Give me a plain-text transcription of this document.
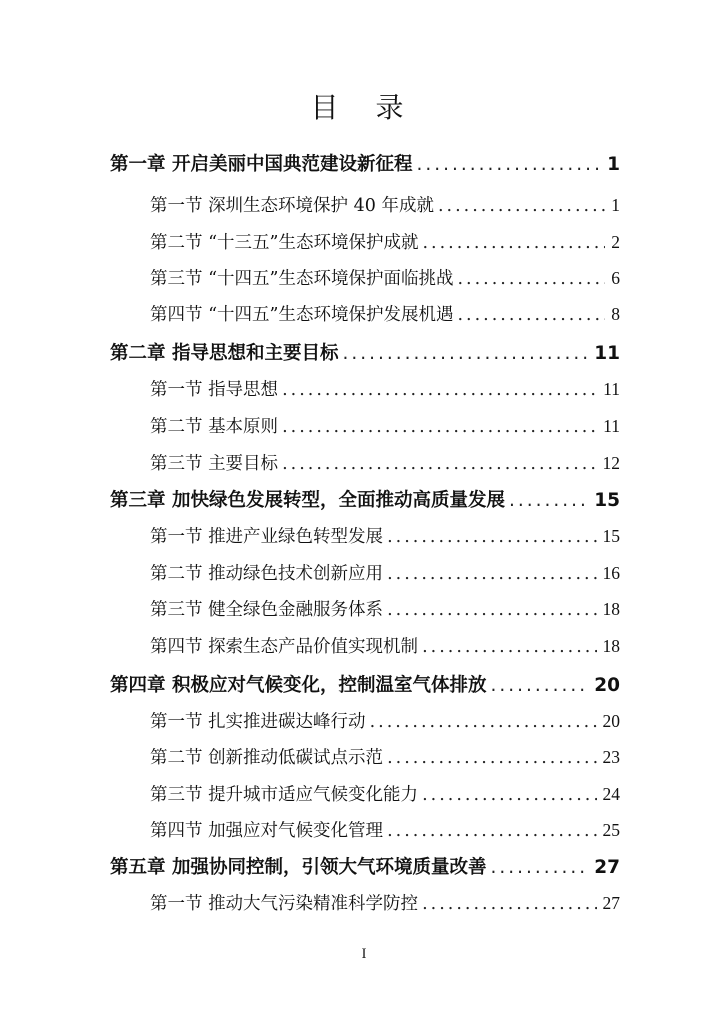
目 录
第一章 开启美丽中国典范建设新征程 .....	1
第一节 深圳生态环境保护 40 年成就 .....	1
第二节 “十三五”生态环境保护成就 .....	2
第三节 “十四五”生态环境保护面临挑战 .....	6
第四节 “十四五”生态环境保护发展机遇 .....	8
第二章 指导思想和主要目标 .....	11
第一节 指导思想 .....	11
第二节 基本原则 .....	11
第三节 主要目标 .....	12
第三章 加快绿色发展转型，全面推动高质量发展 .....	15
第一节 推进产业绿色转型发展 .....	15
第二节 推动绿色技术创新应用 .....	16
第三节 健全绿色金融服务体系 .....	18
第四节 探索生态产品价值实现机制 .....	18
第四章 积极应对气候变化，控制温室气体排放 .....	20
第一节 扎实推进碳达峰行动 .....	20
第二节 创新推动低碳试点示范 .....	23
第三节 提升城市适应气候变化能力 .....	24
第四节 加强应对气候变化管理 .....	25
第五章 加强协同控制，引领大气环境质量改善 .....	27
第一节 推动大气污染精准科学防控 .....	27
I
